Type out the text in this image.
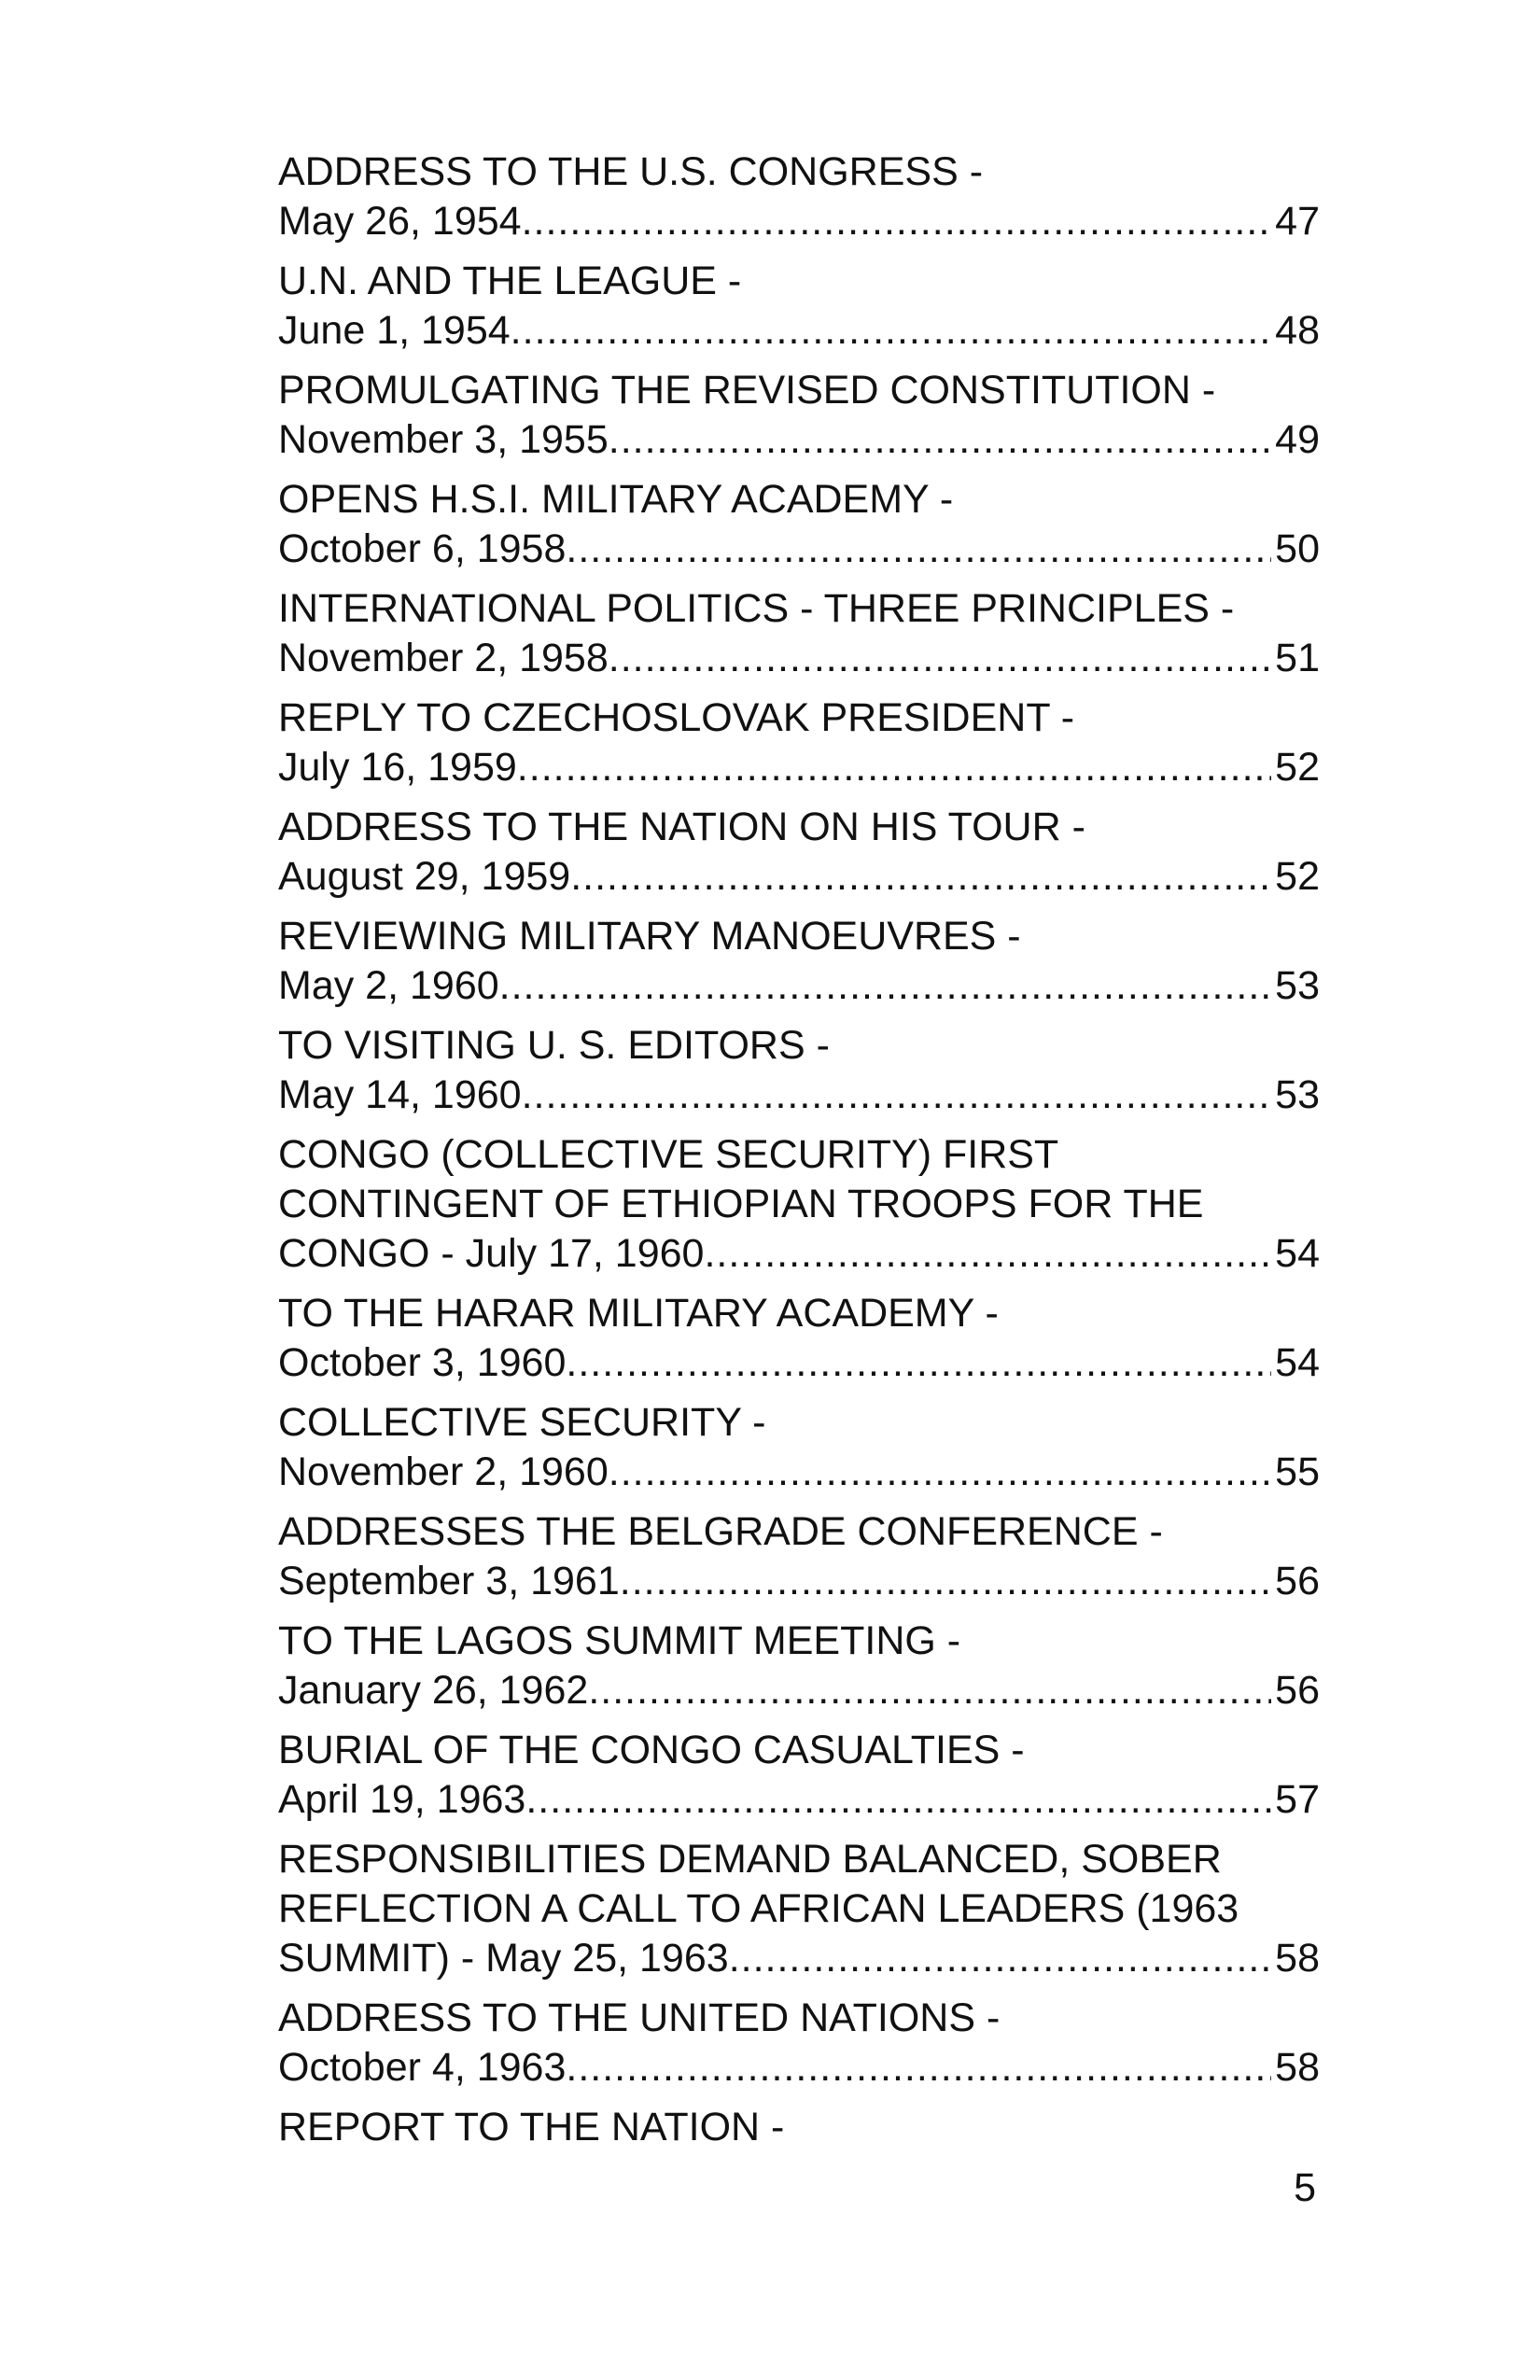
ADDRESS TO THE U.S. CONGRESS -
May 26, 1954 .....	47
U.N. AND THE LEAGUE -
June 1, 1954 .....	48
PROMULGATING THE REVISED CONSTITUTION -
November 3, 1955 .....	49
OPENS H.S.I. MILITARY ACADEMY -
October 6, 1958 .....	50
INTERNATIONAL POLITICS - THREE PRINCIPLES -
November 2, 1958 .....	51
REPLY TO CZECHOSLOVAK PRESIDENT -
July 16, 1959 .....	52
ADDRESS TO THE NATION ON HIS TOUR -
August 29, 1959 .....	52
REVIEWING MILITARY MANOEUVRES -
May 2, 1960 .....	53
TO VISITING U. S. EDITORS -
May 14, 1960 .....	53
CONGO (COLLECTIVE SECURITY) FIRST
CONTINGENT OF ETHIOPIAN TROOPS FOR THE
CONGO - July 17, 1960 .....	54
TO THE HARAR MILITARY ACADEMY -
October 3, 1960 .....	54
COLLECTIVE SECURITY -
November 2, 1960 .....	55
ADDRESSES THE BELGRADE CONFERENCE -
September 3, 1961 .....	56
TO THE LAGOS SUMMIT MEETING -
January 26, 1962 .....	56
BURIAL OF THE CONGO CASUALTIES -
April 19, 1963 .....	57
RESPONSIBILITIES DEMAND BALANCED, SOBER
REFLECTION A CALL TO AFRICAN LEADERS (1963
SUMMIT) - May 25, 1963 .....	58
ADDRESS TO THE UNITED NATIONS -
October 4, 1963 .....	58
REPORT TO THE NATION -
5
